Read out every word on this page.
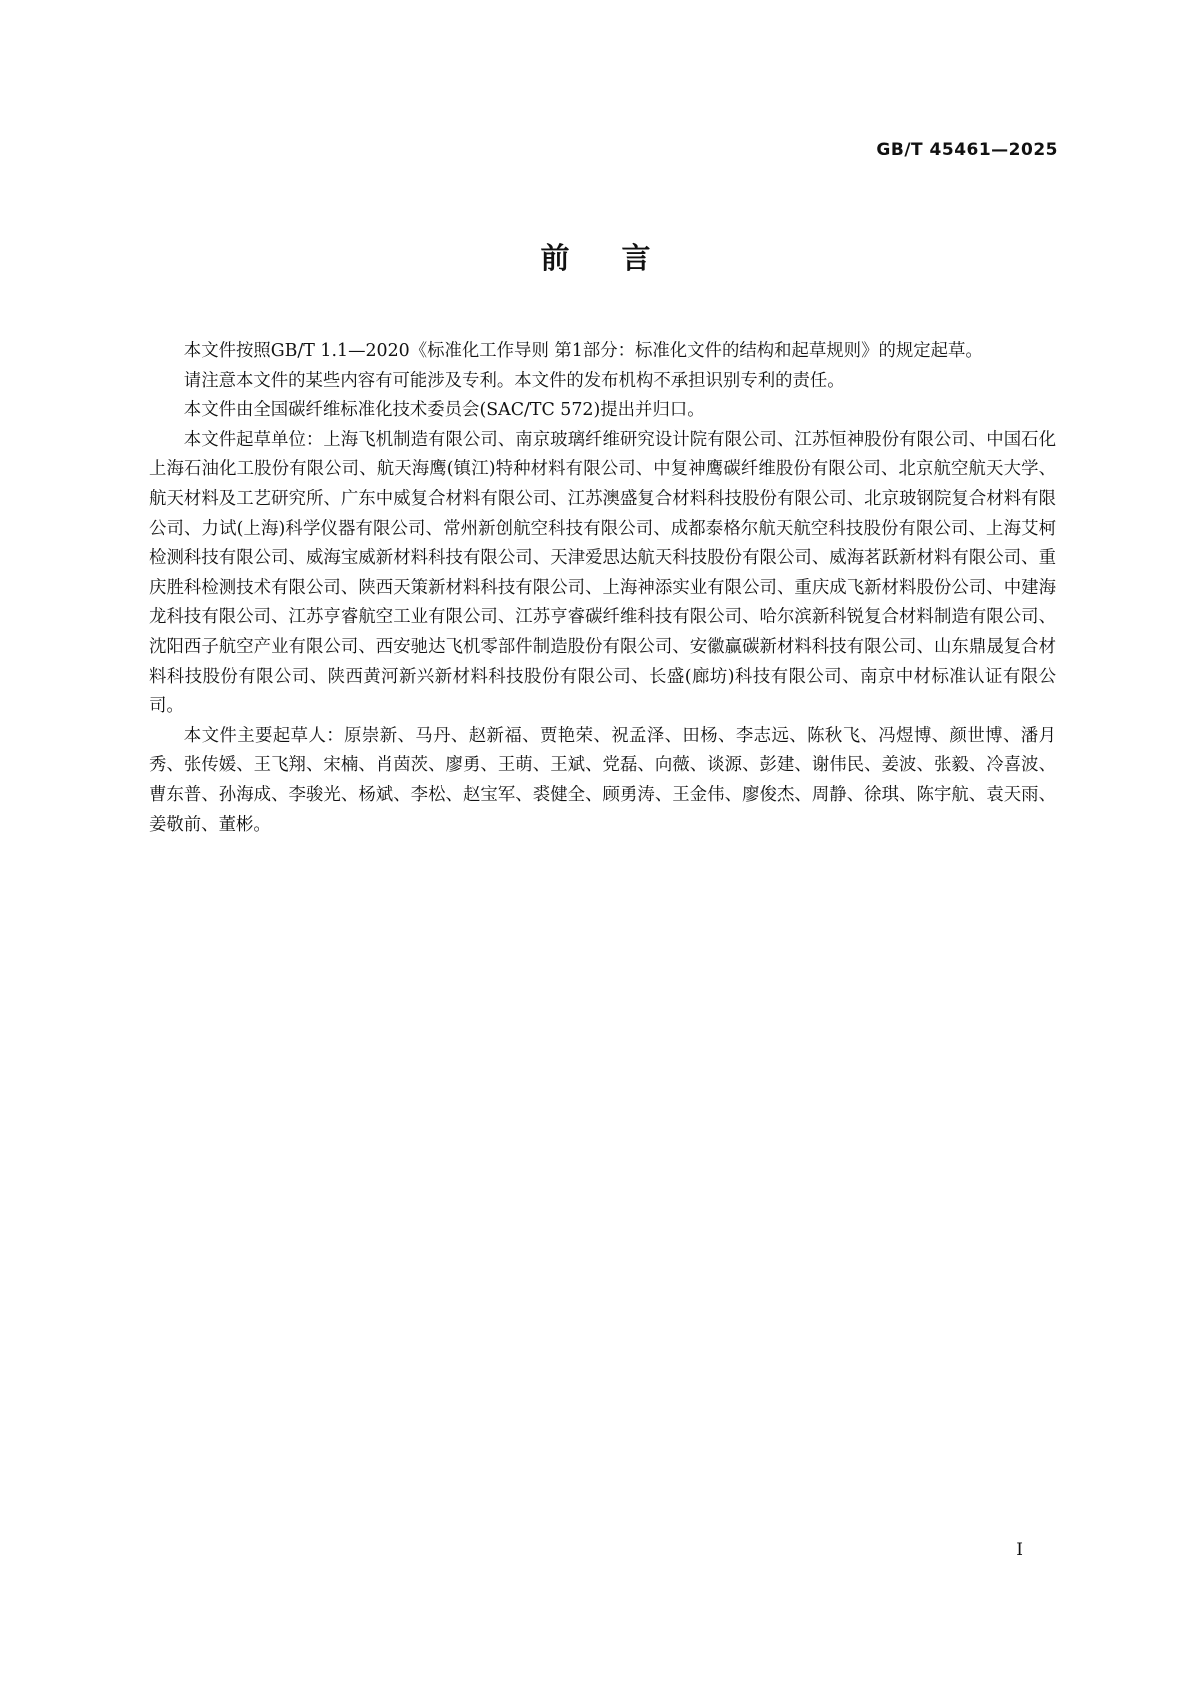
GB/T 45461—2025
前言

本文件按照GB/T 1.1—2020《标准化工作导则 第1部分：标准化文件的结构和起草规则》的规定起草。

请注意本文件的某些内容有可能涉及专利。本文件的发布机构不承担识别专利的责任。

本文件由全国碳纤维标准化技术委员会(SAC/TC 572)提出并归口。

本文件起草单位：上海飞机制造有限公司、南京玻璃纤维研究设计院有限公司、江苏恒神股份有限公司、中国石化上海石油化工股份有限公司、航天海鹰(镇江)特种材料有限公司、中复神鹰碳纤维股份有限公司、北京航空航天大学、航天材料及工艺研究所、广东中威复合材料有限公司、江苏澳盛复合材料科技股份有限公司、北京玻钢院复合材料有限公司、力试(上海)科学仪器有限公司、常州新创航空科技有限公司、成都泰格尔航天航空科技股份有限公司、上海艾柯检测科技有限公司、威海宝威新材料科技有限公司、天津爱思达航天科技股份有限公司、威海茗跃新材料有限公司、重庆胜科检测技术有限公司、陕西天策新材料科技有限公司、上海神添实业有限公司、重庆成飞新材料股份公司、中建海龙科技有限公司、江苏亨睿航空工业有限公司、江苏亨睿碳纤维科技有限公司、哈尔滨新科锐复合材料制造有限公司、沈阳西子航空产业有限公司、西安驰达飞机零部件制造股份有限公司、安徽赢碳新材料科技有限公司、山东鼎晟复合材料科技股份有限公司、陕西黄河新兴新材料科技股份有限公司、长盛(廊坊)科技有限公司、南京中材标准认证有限公司。

本文件主要起草人：原崇新、马丹、赵新福、贾艳荣、祝孟泽、田杨、李志远、陈秋飞、冯煜博、颜世博、潘月秀、张传媛、王飞翔、宋楠、肖茵茨、廖勇、王萌、王斌、党磊、向薇、谈源、彭建、谢伟民、姜波、张毅、冷喜波、曹东普、孙海成、李骏光、杨斌、李松、赵宝军、裘健全、顾勇涛、王金伟、廖俊杰、周静、徐琪、陈宇航、袁天雨、姜敬前、董彬。

I
